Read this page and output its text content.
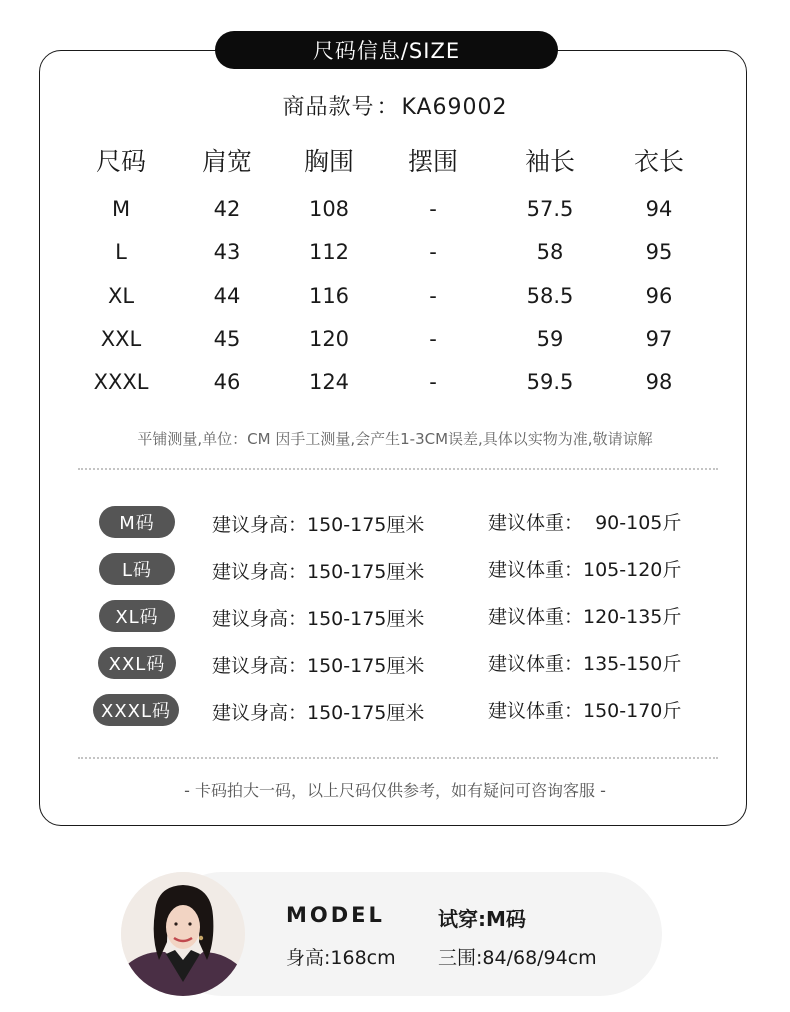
尺码信息/SIZE
商品款号：KA69002
尺码	肩宽	胸围	摆围	袖长	衣长
M	42	108	-	57.5	94
L	43	112	-	58	95
XL	44	116	-	58.5	96
XXL	45	120	-	59	97
XXXL	46	124	-	59.5	98
平铺测量,单位：CM 因手工测量,会产生1-3CM误差,具体以实物为准,敬请谅解
M码	建议身高：150-175厘米	建议体重：  90-105斤
L码	建议身高：150-175厘米	建议体重：105-120斤
XL码	建议身高：150-175厘米	建议体重：120-135斤
XXL码	建议身高：150-175厘米	建议体重：135-150斤
XXXL码	建议身高：150-175厘米	建议体重：150-170斤
- 卡码拍大一码，以上尺码仅供参考，如有疑问可咨询客服 -
MODEL	试穿:M码
身高:168cm 三围:84/68/94cm
